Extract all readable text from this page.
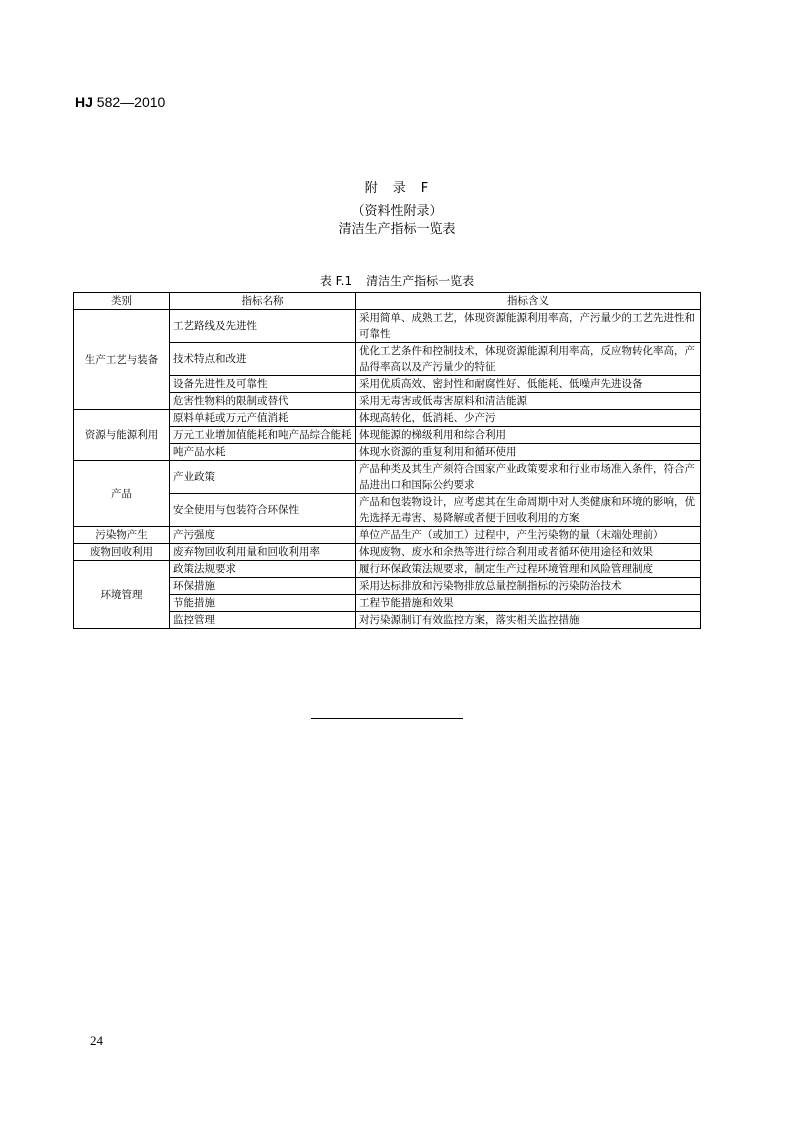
HJ 582—2010
附　录　F
（资料性附录）
清洁生产指标一览表
表 F.1 清洁生产指标一览表
类别	指标名称	指标含义
生产工艺与装备	工艺路线及先进性	采用简单、成熟工艺，体现资源能源利用率高，产污量少的工艺先进性和可靠性
	技术特点和改进	优化工艺条件和控制技术，体现资源能源利用率高，反应物转化率高，产品得率高以及产污量少的特征
	设备先进性及可靠性	采用优质高效、密封性和耐腐性好、低能耗、低噪声先进设备
	危害性物料的限制或替代	采用无毒害或低毒害原料和清洁能源
资源与能源利用	原料单耗或万元产值消耗	体现高转化，低消耗、少产污
	万元工业增加值能耗和吨产品综合能耗	体现能源的梯级利用和综合利用
	吨产品水耗	体现水资源的重复利用和循环使用
产品	产业政策	产品种类及其生产须符合国家产业政策要求和行业市场准入条件，符合产品进出口和国际公约要求
	安全使用与包装符合环保性	产品和包装物设计，应考虑其在生命周期中对人类健康和环境的影响，优先选择无毒害、易降解或者便于回收利用的方案
污染物产生	产污强度	单位产品生产（或加工）过程中，产生污染物的量（末端处理前）
废物回收利用	废弃物回收利用量和回收利用率	体现废物、废水和余热等进行综合利用或者循环使用途径和效果
环境管理	政策法规要求	履行环保政策法规要求，制定生产过程环境管理和风险管理制度
	环保措施	采用达标排放和污染物排放总量控制指标的污染防治技术
	节能措施	工程节能措施和效果
	监控管理	对污染源制订有效监控方案，落实相关监控措施
24
